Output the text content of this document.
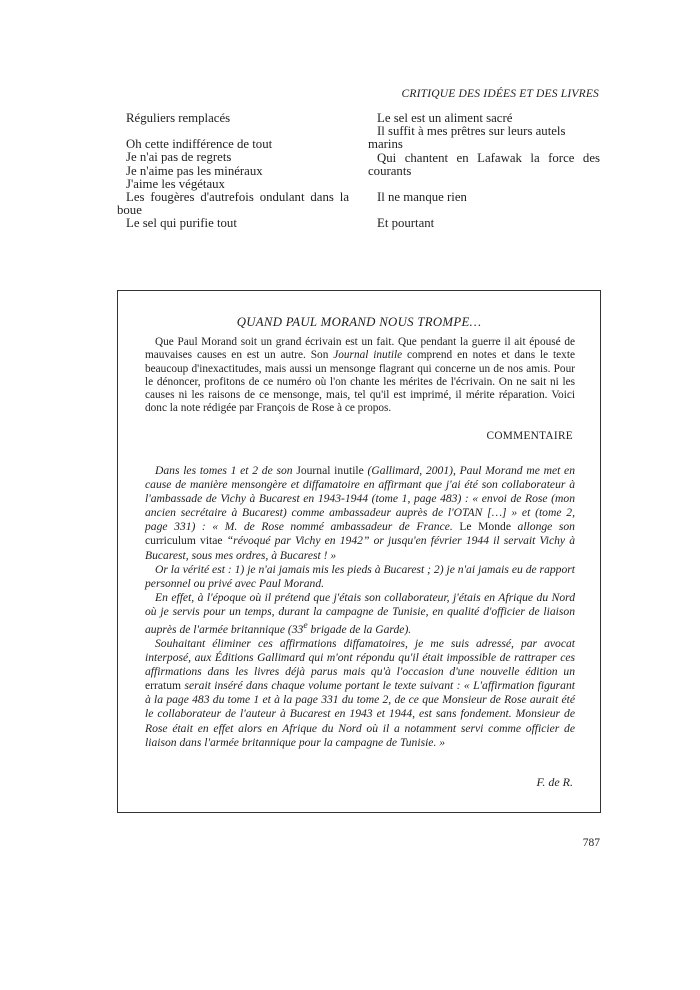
CRITIQUE DES IDÉES ET DES LIVRES
Réguliers remplacés
Oh cette indifférence de tout
Je n'ai pas de regrets
Je n'aime pas les minéraux
J'aime les végétaux
Les fougères d'autrefois ondulant dans la boue
Le sel qui purifie tout
Le sel est un aliment sacré
Il suffit à mes prêtres sur leurs autels marins
Qui chantent en Lafawak la force des courants
Il ne manque rien
Et pourtant
QUAND PAUL MORAND NOUS TROMPE…

Que Paul Morand soit un grand écrivain est un fait. Que pendant la guerre il ait épousé de mauvaises causes en est un autre. Son Journal inutile comprend en notes et dans le texte beaucoup d'inexactitudes, mais aussi un mensonge flagrant qui concerne un de nos amis. Pour le dénoncer, profitons de ce numéro où l'on chante les mérites de l'écrivain. On ne sait ni les causes ni les raisons de ce mensonge, mais, tel qu'il est imprimé, il mérite réparation. Voici donc la note rédigée par François de Rose à ce propos.

COMMENTAIRE

Dans les tomes 1 et 2 de son Journal inutile (Gallimard, 2001), Paul Morand me met en cause de manière mensongère et diffamatoire en affirmant que j'ai été son collaborateur à l'ambassade de Vichy à Bucarest en 1943-1944 (tome 1, page 483) : « envoi de Rose (mon ancien secrétaire à Bucarest) comme ambassadeur auprès de l'OTAN […] » et (tome 2, page 331) : « M. de Rose nommé ambassadeur de France. Le Monde allonge son curriculum vitae “révoqué par Vichy en 1942” or jusqu'en février 1944 il servait Vichy à Bucarest, sous mes ordres, à Bucarest ! »

Or la vérité est : 1) je n'ai jamais mis les pieds à Bucarest ; 2) je n'ai jamais eu de rapport personnel ou privé avec Paul Morand.

En effet, à l'époque où il prétend que j'étais son collaborateur, j'étais en Afrique du Nord où je servis pour un temps, durant la campagne de Tunisie, en qualité d'officier de liaison auprès de l'armée britannique (33e brigade de la Garde).

Souhaitant éliminer ces affirmations diffamatoires, je me suis adressé, par avocat interposé, aux Éditions Gallimard qui m'ont répondu qu'il était impossible de rattraper ces affirmations dans les livres déjà parus mais qu'à l'occasion d'une nouvelle édition un erratum serait inséré dans chaque volume portant le texte suivant : « L'affirmation figurant à la page 483 du tome 1 et à la page 331 du tome 2, de ce que Monsieur de Rose aurait été le collaborateur de l'auteur à Bucarest en 1943 et 1944, est sans fondement. Monsieur de Rose était en effet alors en Afrique du Nord où il a notamment servi comme officier de liaison dans l'armée britannique pour la campagne de Tunisie. »

F. de R.
787
